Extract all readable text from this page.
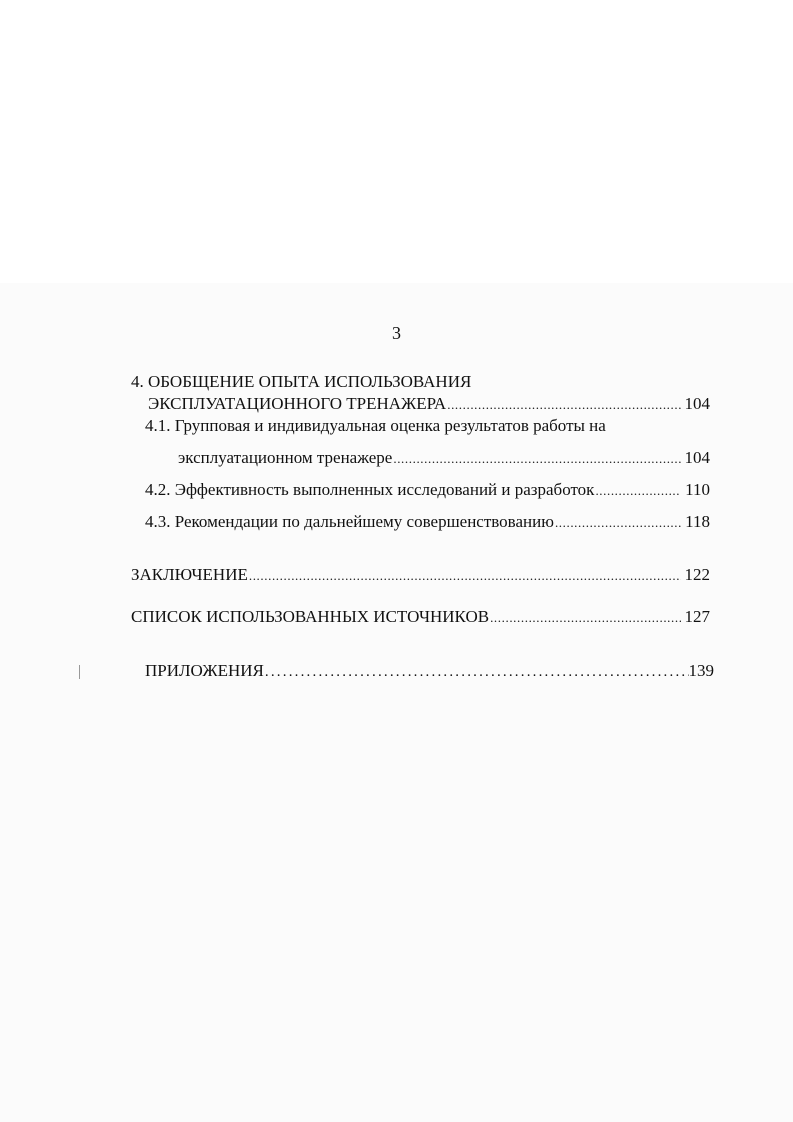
3
4. ОБОБЩЕНИЕ ОПЫТА ИСПОЛЬЗОВАНИЯ
ЭКСПЛУАТАЦИОННОГО ТРЕНАЖЕРА .....	104
4.1. Групповая и индивидуальная оценка результатов работы на
эксплуатационном тренажере .....	104
4.2. Эффективность выполненных исследований и разработок .....	110
4.3. Рекомендации по дальнейшему совершенствованию .....	118
ЗАКЛЮЧЕНИЕ .....	122
СПИСОК ИСПОЛЬЗОВАННЫХ ИСТОЧНИКОВ .....	127
ПРИЛОЖЕНИЯ .....	139
